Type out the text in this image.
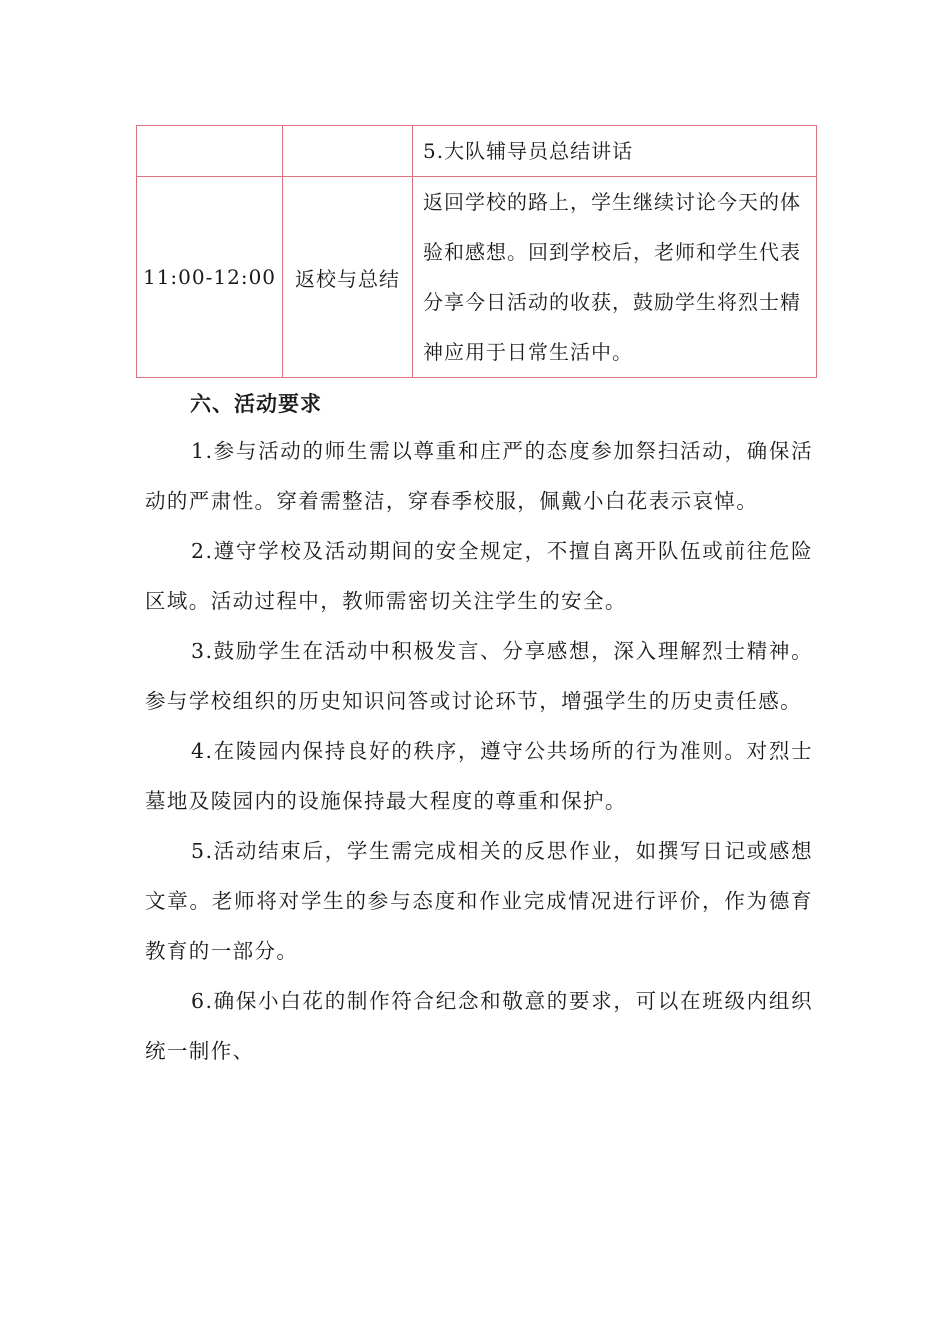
		5.大队辅导员总结讲话
11:00-12:00	返校与总结	返回学校的路上，学生继续讨论今天的体验和感想。回到学校后，老师和学生代表分享今日活动的收获，鼓励学生将烈士精神应用于日常生活中。
六、活动要求

1.参与活动的师生需以尊重和庄严的态度参加祭扫活动，确保活动的严肃性。穿着需整洁，穿春季校服，佩戴小白花表示哀悼。

2.遵守学校及活动期间的安全规定，不擅自离开队伍或前往危险区域。活动过程中，教师需密切关注学生的安全。

3.鼓励学生在活动中积极发言、分享感想，深入理解烈士精神。参与学校组织的历史知识问答或讨论环节，增强学生的历史责任感。

4.在陵园内保持良好的秩序，遵守公共场所的行为准则。对烈士墓地及陵园内的设施保持最大程度的尊重和保护。

5.活动结束后，学生需完成相关的反思作业，如撰写日记或感想文章。老师将对学生的参与态度和作业完成情况进行评价，作为德育教育的一部分。

6.确保小白花的制作符合纪念和敬意的要求，可以在班级内组织统一制作、
